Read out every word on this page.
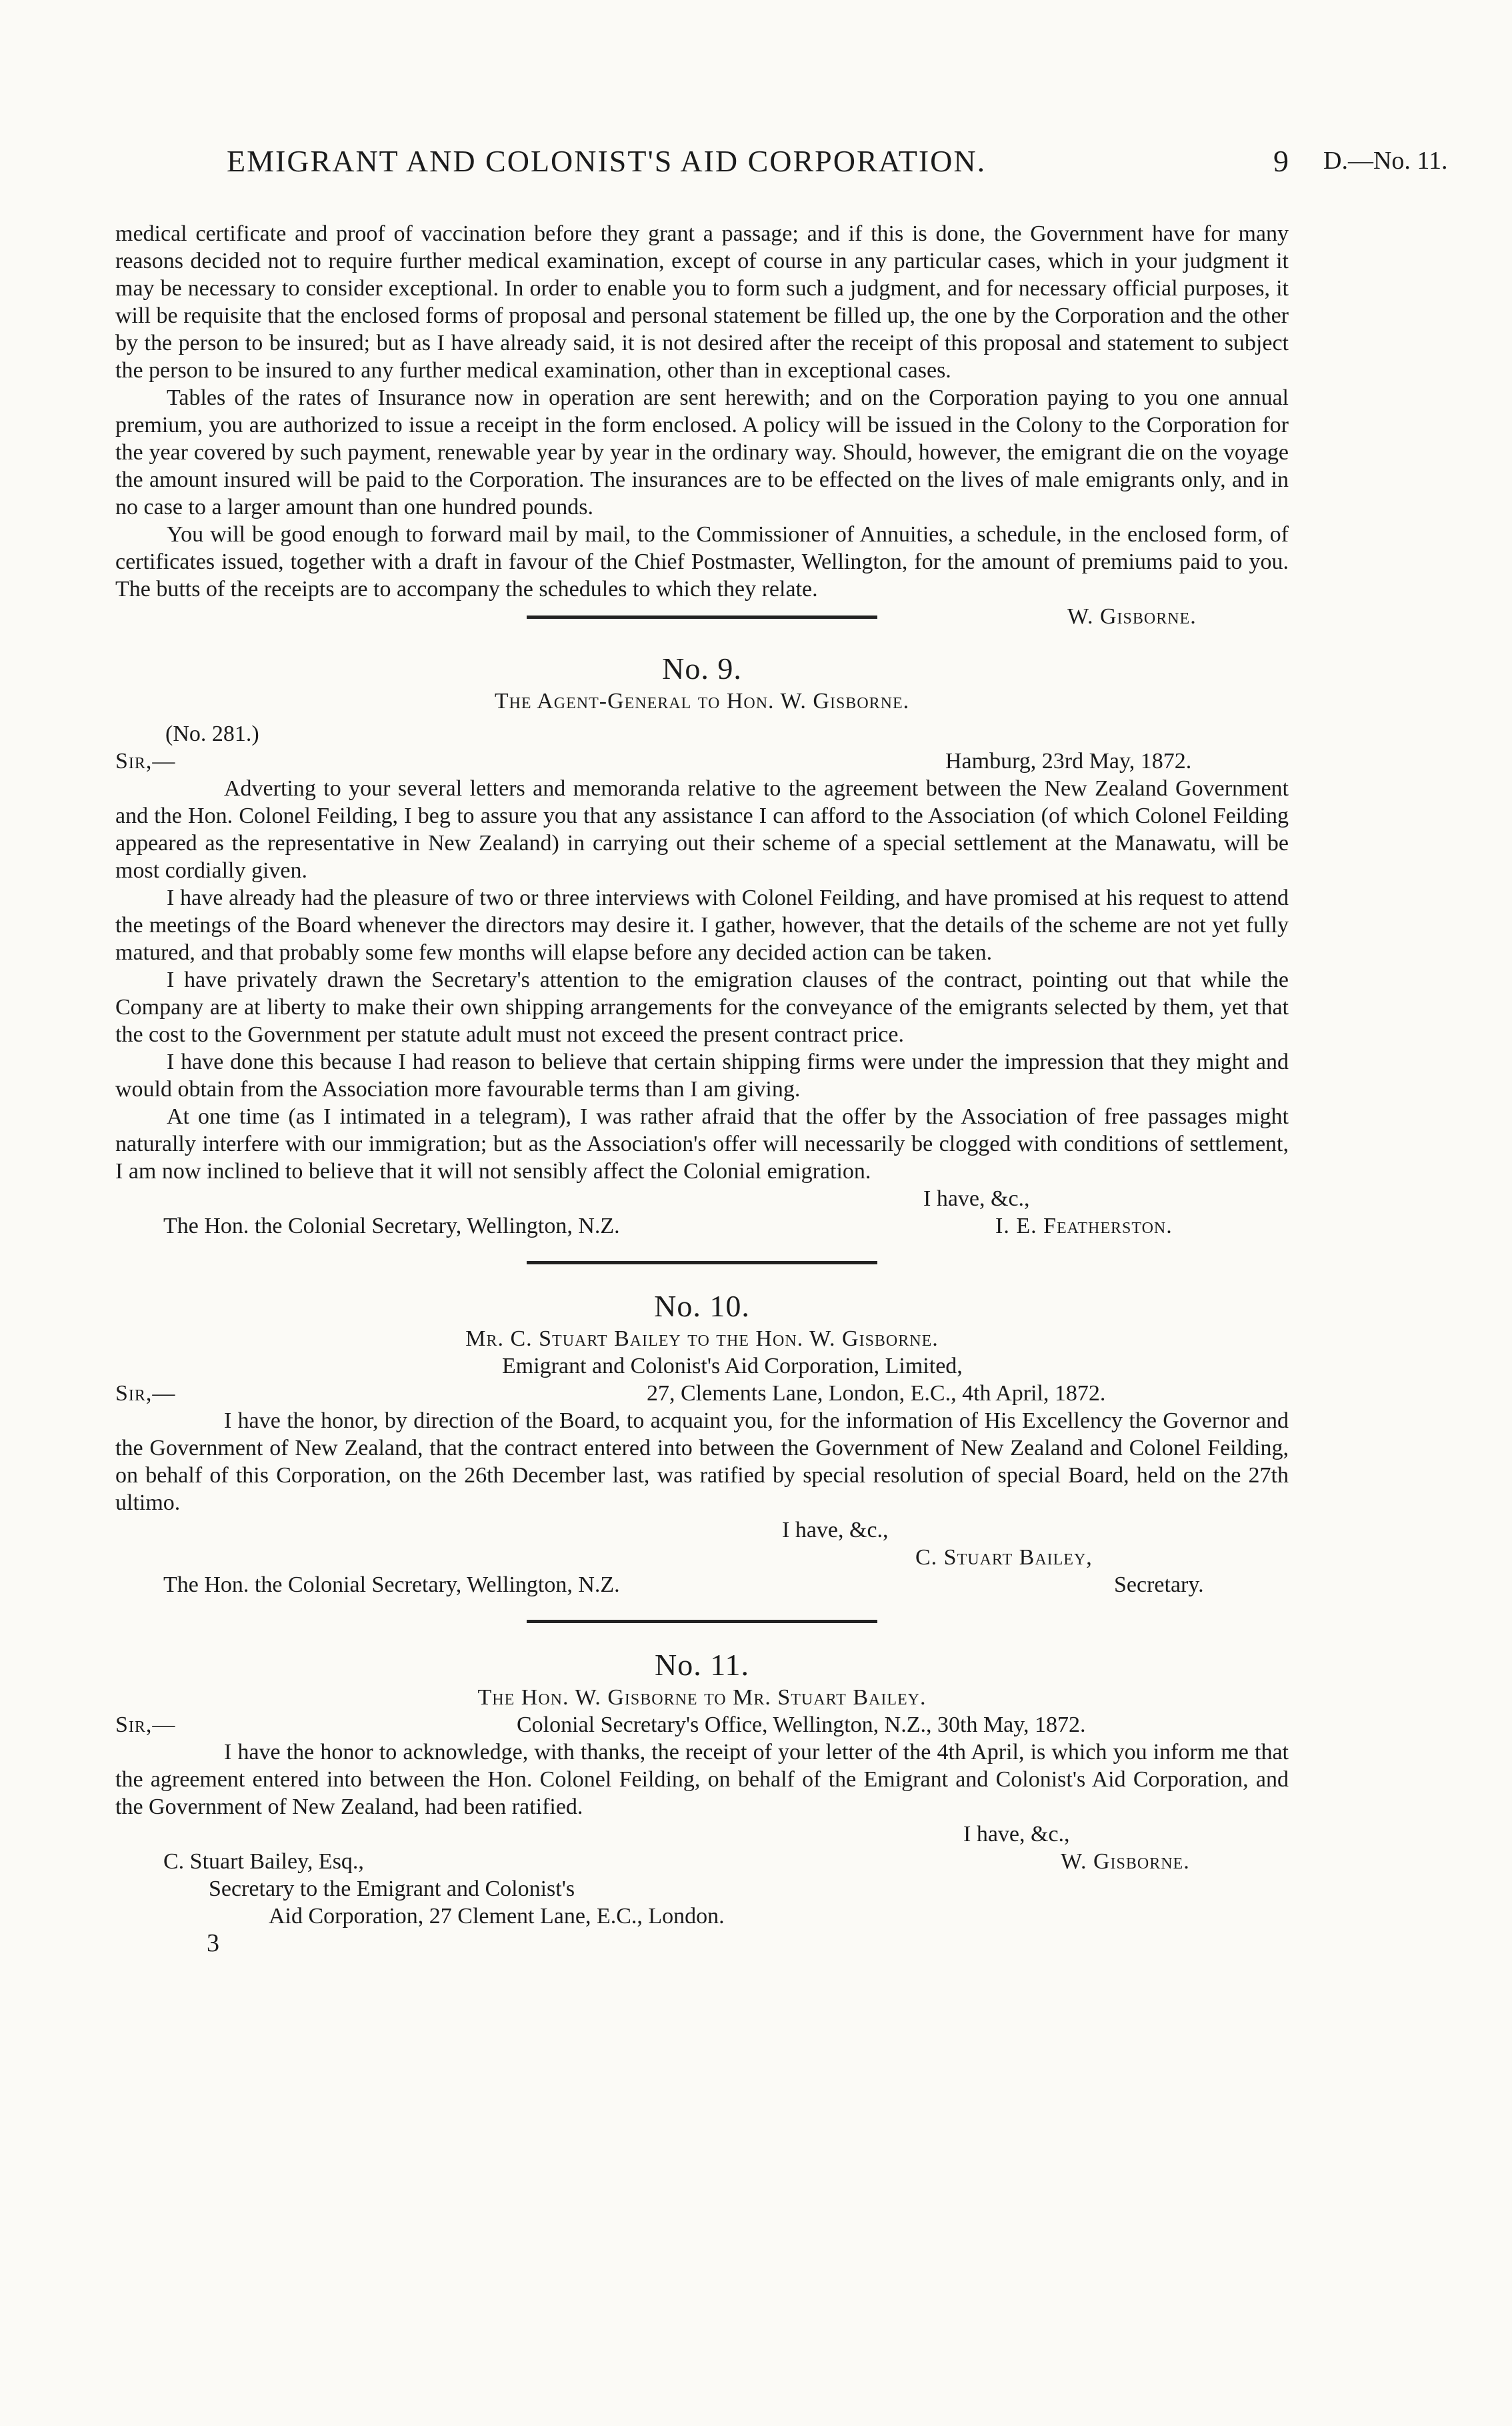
EMIGRANT AND COLONIST'S AID CORPORATION.	9 D.—No. 11.

medical certificate and proof of vaccination before they grant a passage; and if this is done, the Government have for many reasons decided not to require further medical examination, except of course in any particular cases, which in your judgment it may be necessary to consider exceptional. In order to enable you to form such a judgment, and for necessary official purposes, it will be requisite that the enclosed forms of proposal and personal statement be filled up, the one by the Corporation and the other by the person to be insured; but as I have already said, it is not desired after the receipt of this proposal and statement to subject the person to be insured to any further medical examination, other than in exceptional cases.

Tables of the rates of Insurance now in operation are sent herewith; and on the Corporation paying to you one annual premium, you are authorized to issue a receipt in the form enclosed. A policy will be issued in the Colony to the Corporation for the year covered by such payment, renewable year by year in the ordinary way. Should, however, the emigrant die on the voyage the amount insured will be paid to the Corporation. The insurances are to be effected on the lives of male emigrants only, and in no case to a larger amount than one hundred pounds.

You will be good enough to forward mail by mail, to the Commissioner of Annuities, a schedule, in the enclosed form, of certificates issued, together with a draft in favour of the Chief Postmaster, Wellington, for the amount of premiums paid to you. The butts of the receipts are to accompany the schedules to which they relate.

W. Gisborne.
No. 9.
The Agent-General to Hon. W. Gisborne.
(No. 281.)
Sir,—	Hamburg, 23rd May, 1872.

Adverting to your several letters and memoranda relative to the agreement between the New Zealand Government and the Hon. Colonel Feilding, I beg to assure you that any assistance I can afford to the Association (of which Colonel Feilding appeared as the representative in New Zealand) in carrying out their scheme of a special settlement at the Manawatu, will be most cordially given.

I have already had the pleasure of two or three interviews with Colonel Feilding, and have promised at his request to attend the meetings of the Board whenever the directors may desire it. I gather, however, that the details of the scheme are not yet fully matured, and that probably some few months will elapse before any decided action can be taken.

I have privately drawn the Secretary's attention to the emigration clauses of the contract, pointing out that while the Company are at liberty to make their own shipping arrangements for the conveyance of the emigrants selected by them, yet that the cost to the Government per statute adult must not exceed the present contract price.

I have done this because I had reason to believe that certain shipping firms were under the impression that they might and would obtain from the Association more favourable terms than I am giving.

At one time (as I intimated in a telegram), I was rather afraid that the offer by the Association of free passages might naturally interfere with our immigration; but as the Association's offer will necessarily be clogged with conditions of settlement, I am now inclined to believe that it will not sensibly affect the Colonial emigration.

I have, &c.,
The Hon. the Colonial Secretary, Wellington, N.Z.	I. E. Featherston.
No. 10.
Mr. C. Stuart Bailey to the Hon. W. Gisborne.
Emigrant and Colonist's Aid Corporation, Limited,
Sir,—	27, Clements Lane, London, E.C., 4th April, 1872.

I have the honor, by direction of the Board, to acquaint you, for the information of His Excellency the Governor and the Government of New Zealand, that the contract entered into between the Government of New Zealand and Colonel Feilding, on behalf of this Corporation, on the 26th December last, was ratified by special resolution of special Board, held on the 27th ultimo.

I have, &c.,
C. Stuart Bailey,
The Hon. the Colonial Secretary, Wellington, N.Z.	Secretary.
No. 11.
The Hon. W. Gisborne to Mr. Stuart Bailey.
Sir,—	Colonial Secretary's Office, Wellington, N.Z., 30th May, 1872.

I have the honor to acknowledge, with thanks, the receipt of your letter of the 4th April, is which you inform me that the agreement entered into between the Hon. Colonel Feilding, on behalf of the Emigrant and Colonist's Aid Corporation, and the Government of New Zealand, had been ratified.

I have, &c.,
C. Stuart Bailey, Esq.,	W. Gisborne.
Secretary to the Emigrant and Colonist's
Aid Corporation, 27 Clement Lane, E.C., London.
3
